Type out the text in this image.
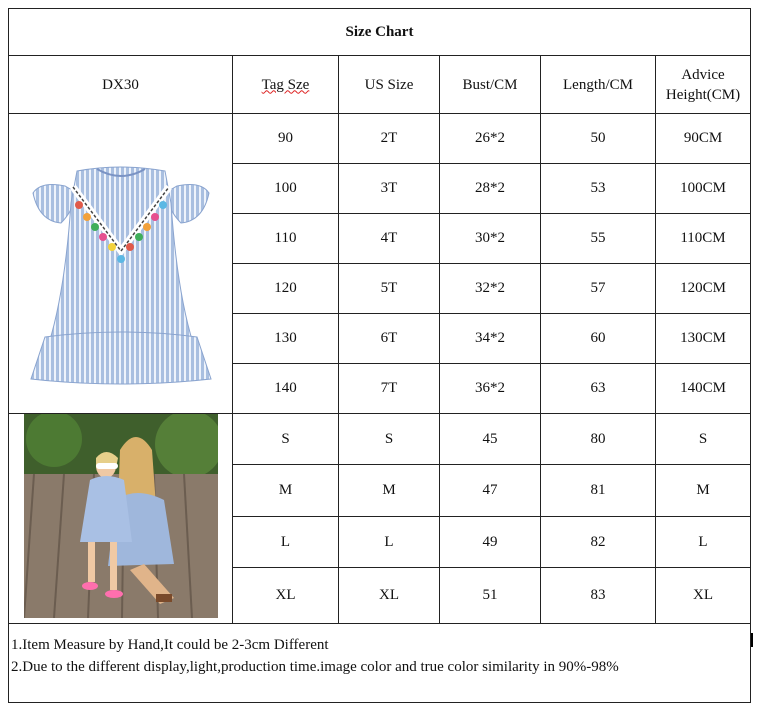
Size Chart					
DX30	Tag Sze	US Size	Bust/CM	Length/CM	Advice
Height(CM)
	90	2T	26*2	50	90CM
	100	3T	28*2	53	100CM
	110	4T	30*2	55	110CM
	120	5T	32*2	57	120CM
	130	6T	34*2	60	130CM
	140	7T	36*2	63	140CM
	S	S	45	80	S
	M	M	47	81	M
	L	L	49	82	L
	XL	XL	51	83	XL

1.Item Measure by Hand,It could be 2-3cm Different
2.Due to the different display,light,production time.image color and true color similarity in 90%-98%					
